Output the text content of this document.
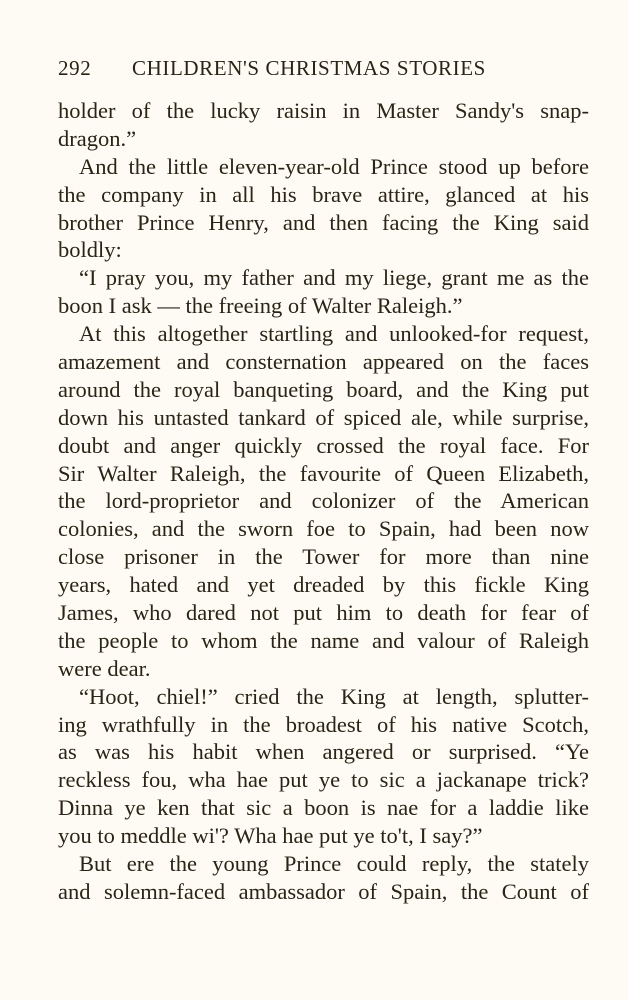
292 CHILDREN'S CHRISTMAS STORIES
holder of the lucky raisin in Master Sandy's snap-
dragon.”
And the little eleven-year-old Prince stood up before
the company in all his brave attire, glanced at his
brother Prince Henry, and then facing the King said
boldly:
“I pray you, my father and my liege, grant me as the
boon I ask — the freeing of Walter Raleigh.”
At this altogether startling and unlooked-for request,
amazement and consternation appeared on the faces
around the royal banqueting board, and the King put
down his untasted tankard of spiced ale, while surprise,
doubt and anger quickly crossed the royal face. For
Sir Walter Raleigh, the favourite of Queen Elizabeth,
the lord-proprietor and colonizer of the American
colonies, and the sworn foe to Spain, had been now
close prisoner in the Tower for more than nine
years, hated and yet dreaded by this fickle King
James, who dared not put him to death for fear of
the people to whom the name and valour of Raleigh
were dear.
“Hoot, chiel!” cried the King at length, splutter-
ing wrathfully in the broadest of his native Scotch,
as was his habit when angered or surprised. “Ye
reckless fou, wha hae put ye to sic a jackanape trick?
Dinna ye ken that sic a boon is nae for a laddie like
you to meddle wi'? Wha hae put ye to't, I say?”
But ere the young Prince could reply, the stately
and solemn-faced ambassador of Spain, the Count of
